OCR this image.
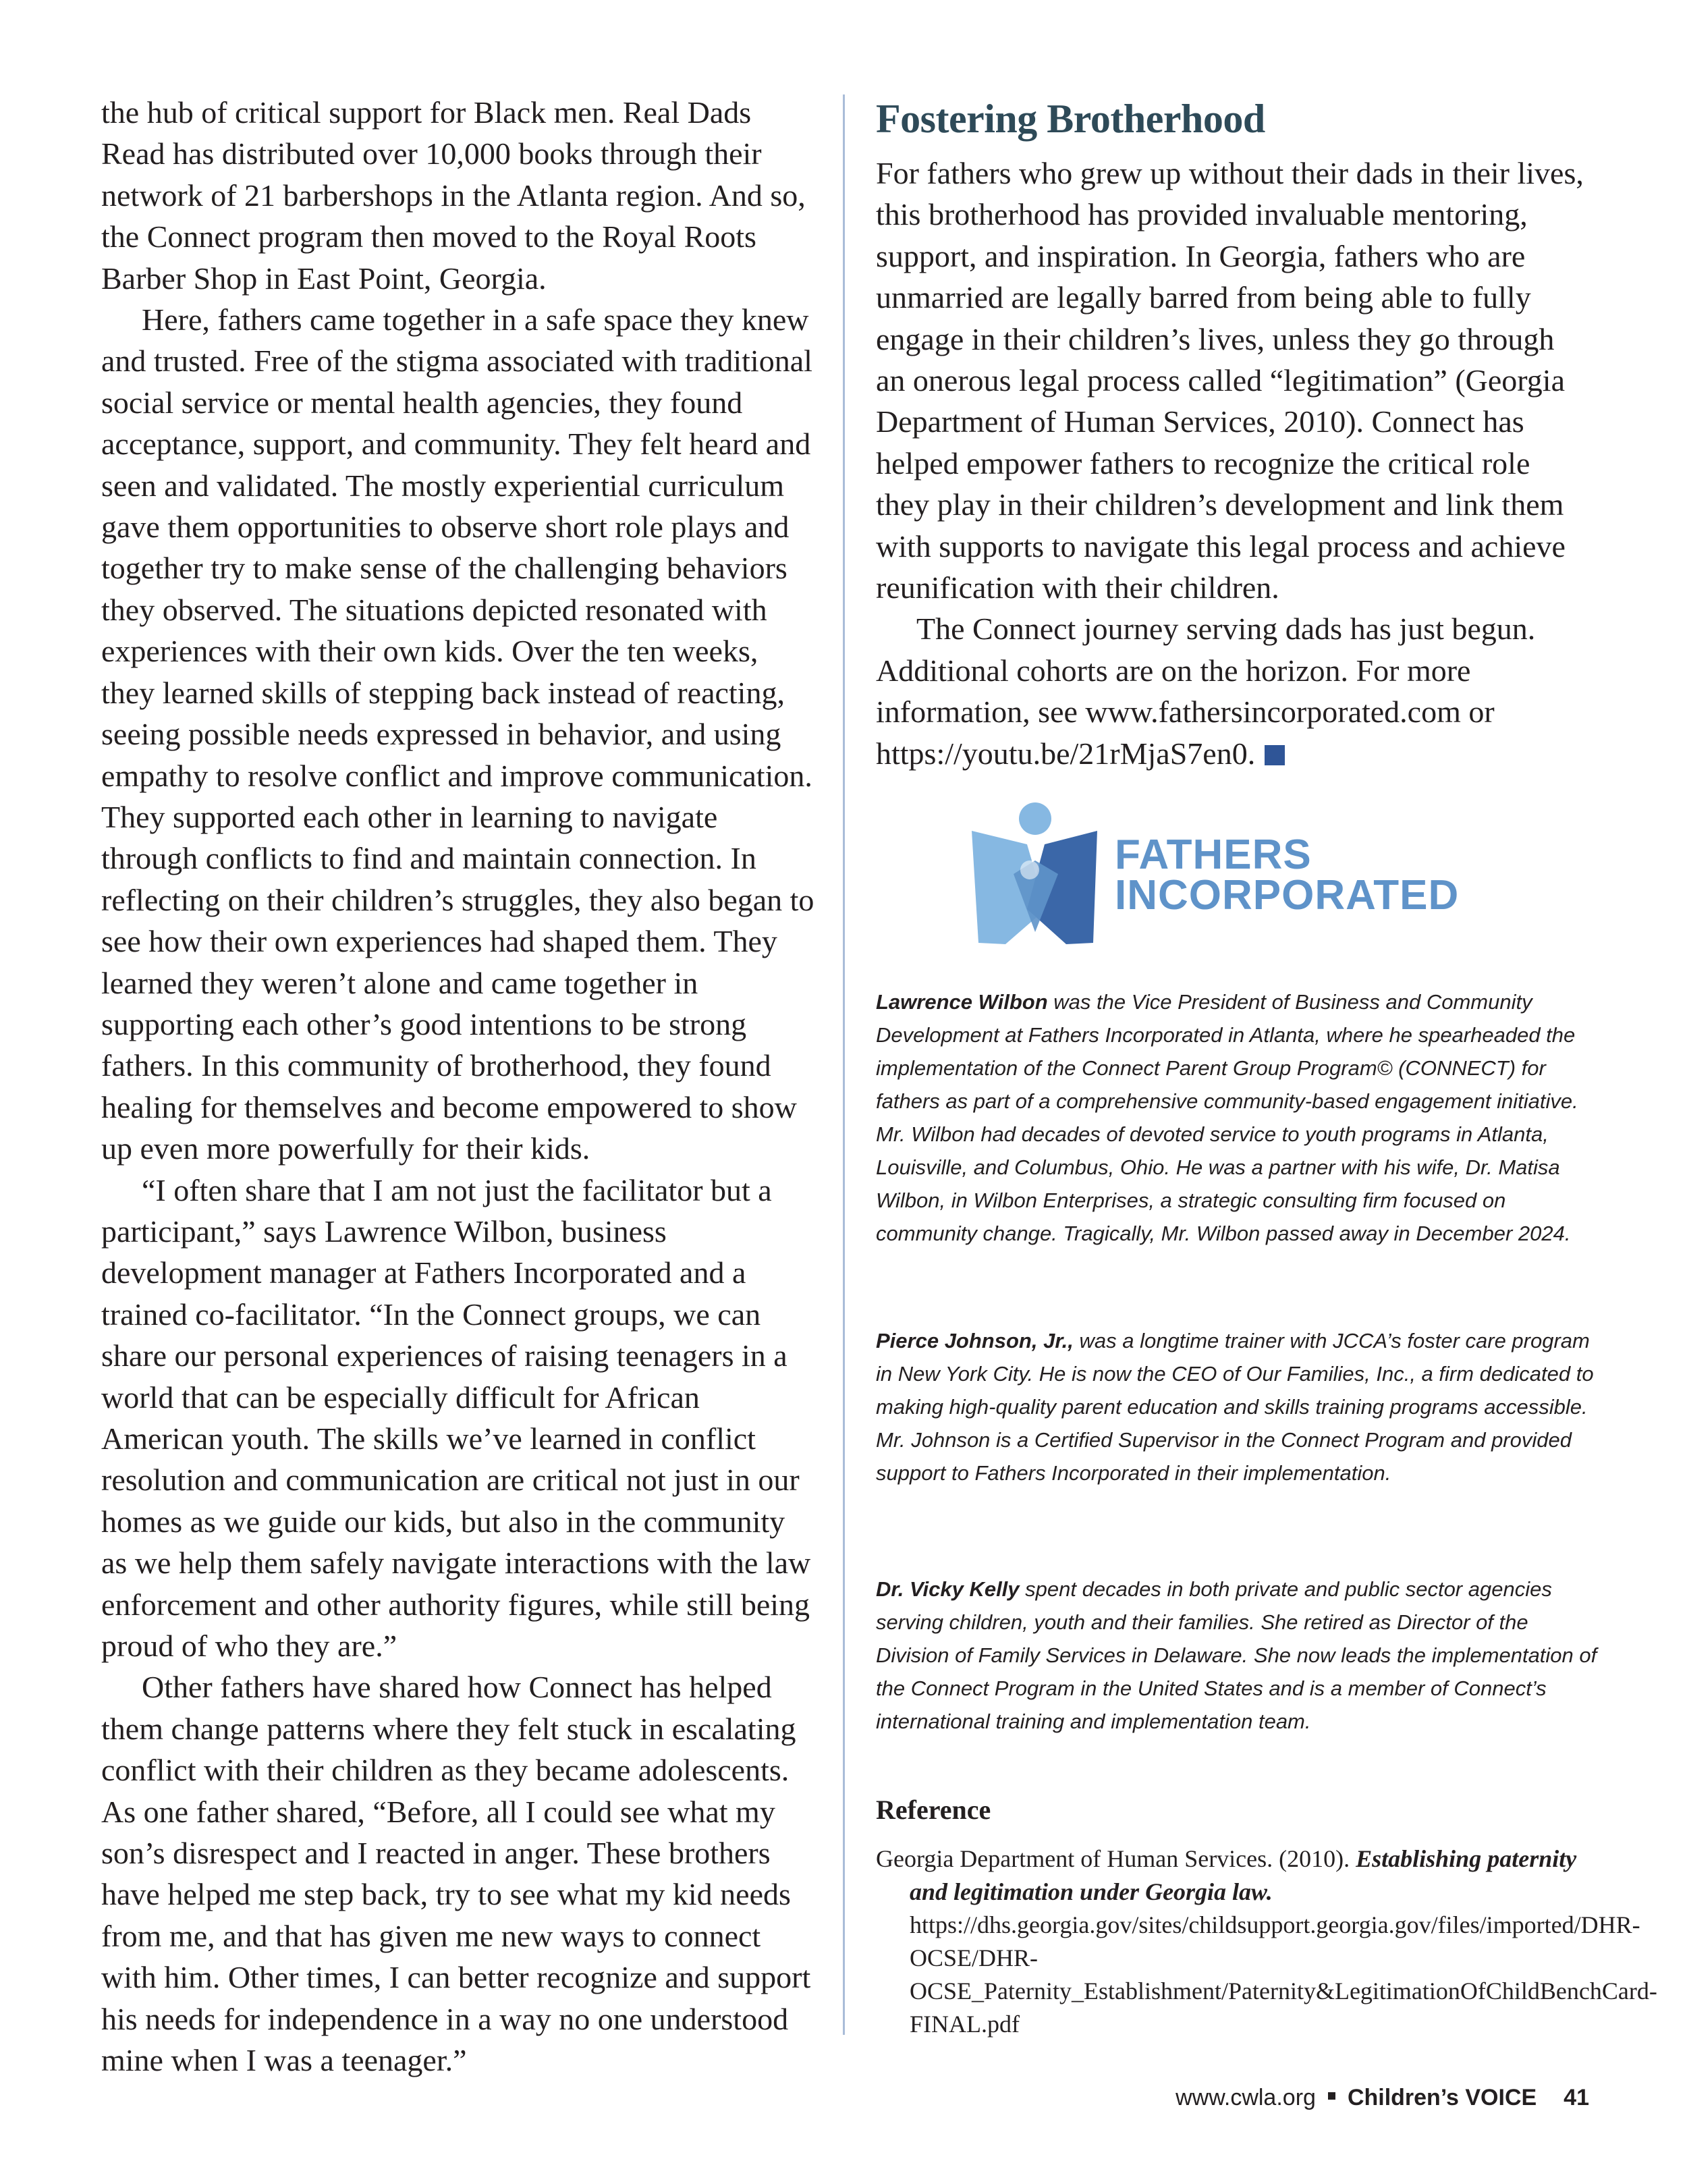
the hub of critical support for Black men. Real Dads Read has distributed over 10,000 books through their network of 21 barbershops in the Atlanta region. And so, the Connect program then moved to the Royal Roots Barber Shop in East Point, Georgia.

Here, fathers came together in a safe space they knew and trusted. Free of the stigma associated with traditional social service or mental health agencies, they found acceptance, support, and community. They felt heard and seen and validated. The mostly experiential curriculum gave them opportunities to observe short role plays and together try to make sense of the challenging behaviors they observed. The situations depicted resonated with experiences with their own kids. Over the ten weeks, they learned skills of stepping back instead of reacting, seeing possible needs expressed in behavior, and using empathy to resolve conflict and improve communication. They supported each other in learning to navigate through conflicts to find and maintain connection. In reflecting on their children’s struggles, they also began to see how their own experiences had shaped them. They learned they weren’t alone and came together in supporting each other’s good intentions to be strong fathers. In this community of brotherhood, they found healing for themselves and become empowered to show up even more powerfully for their kids.

“I often share that I am not just the facilitator but a participant,” says Lawrence Wilbon, business development manager at Fathers Incorporated and a trained co-facilitator. “In the Connect groups, we can share our personal experiences of raising teenagers in a world that can be especially difficult for African American youth. The skills we’ve learned in conflict resolution and communication are critical not just in our homes as we guide our kids, but also in the community as we help them safely navigate interactions with the law enforcement and other authority figures, while still being proud of who they are.”

Other fathers have shared how Connect has helped them change patterns where they felt stuck in escalating conflict with their children as they became adolescents. As one father shared, “Before, all I could see what my son’s disrespect and I reacted in anger. These brothers have helped me step back, try to see what my kid needs from me, and that has given me new ways to connect with him. Other times, I can better recognize and support his needs for independence in a way no one understood mine when I was a teenager.”

Fostering Brotherhood

For fathers who grew up without their dads in their lives, this brotherhood has provided invaluable mentoring, support, and inspiration. In Georgia, fathers who are unmarried are legally barred from being able to fully engage in their children’s lives, unless they go through an onerous legal process called “legitimation” (Georgia Department of Human Services, 2010). Connect has helped empower fathers to recognize the critical role they play in their children’s development and link them with supports to navigate this legal process and achieve reunification with their children.

The Connect journey serving dads has just begun. Additional cohorts are on the horizon. For more information, see www.fathersincorporated.com or https://youtu.be/21rMjaS7en0.

FATHERS
INCORPORATED
Lawrence Wilbon was the Vice President of Business and Community Development at Fathers Incorporated in Atlanta, where he spearheaded the implementation of the Connect Parent Group Program© (CONNECT) for fathers as part of a comprehensive community-based engagement initiative. Mr. Wilbon had decades of devoted service to youth programs in Atlanta, Louisville, and Columbus, Ohio. He was a partner with his wife, Dr. Matisa Wilbon, in Wilbon Enterprises, a strategic consulting firm focused on community change. Tragically, Mr. Wilbon passed away in December 2024.
Pierce Johnson, Jr., was a longtime trainer with JCCA’s foster care program in New York City. He is now the CEO of Our Families, Inc., a firm dedicated to making high-quality parent education and skills training programs accessible. Mr. Johnson is a Certified Supervisor in the Connect Program and provided support to Fathers Incorporated in their implementation.
Dr. Vicky Kelly spent decades in both private and public sector agencies serving children, youth and their families. She retired as Director of the Division of Family Services in Delaware. She now leads the implementation of the Connect Program in the United States and is a member of Connect’s international training and implementation team.
Reference
Georgia Department of Human Services. (2010). Establishing paternity and legitimation under Georgia law. https://dhs.georgia.gov/sites/childsupport.georgia.gov/files/imported/DHR-OCSE/DHR-OCSE_Paternity_Establishment/Paternity&LegitimationOfChildBenchCard-FINAL.pdf
www.cwla.org Children’s VOICE 41
